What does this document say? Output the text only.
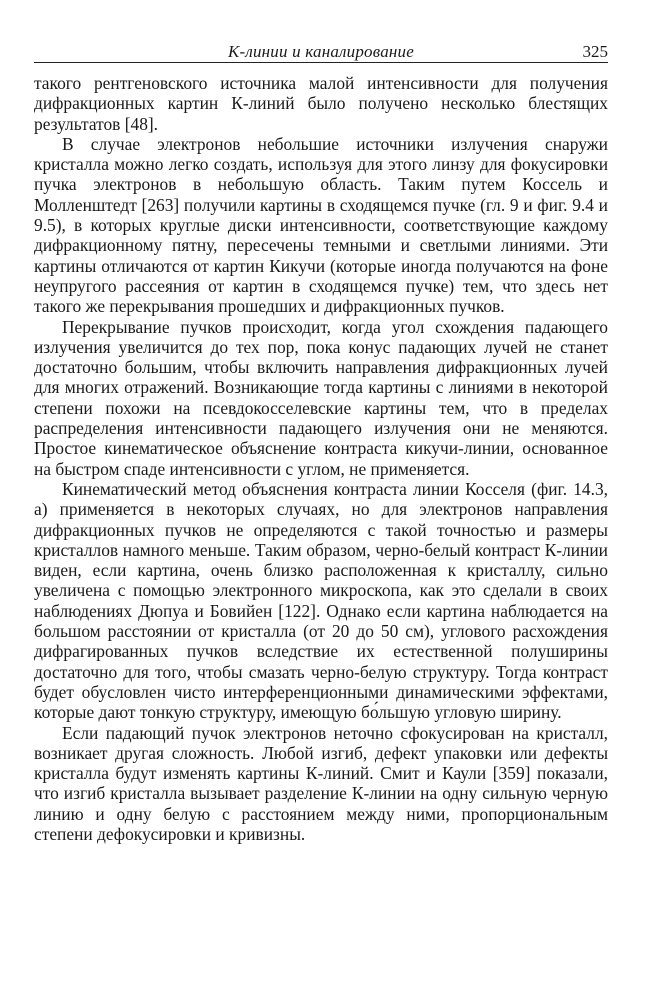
К-линии и каналирование	325

такого рентгеновского источника малой интенсивности для получения дифракционных картин К-линий было получено несколько блестящих результатов [48].

В случае электронов небольшие источники излучения снаружи кристалла можно легко создать, используя для этого линзу для фокусировки пучка электронов в небольшую область. Таким путем Коссель и Молленштедт [263] получили картины в сходящемся пучке (гл. 9 и фиг. 9.4 и 9.5), в которых круглые диски интенсивности, соответствующие каждому дифракционному пятну, пересечены темными и светлыми линиями. Эти картины отличаются от картин Кикучи (которые иногда получаются на фоне неупругого рассеяния от картин в сходящемся пучке) тем, что здесь нет такого же перекрывания прошедших и дифракционных пучков.

Перекрывание пучков происходит, когда угол схождения падающего излучения увеличится до тех пор, пока конус падающих лучей не станет достаточно большим, чтобы включить направления дифракционных лучей для многих отражений. Возникающие тогда картины с линиями в некоторой степени похожи на псевдокосселевские картины тем, что в пределах распределения интенсивности падающего излучения они не меняются. Простое кинематическое объяснение контраста кикучи-линии, основанное на быстром спаде интенсивности с углом, не применяется.

Кинематический метод объяснения контраста линии Косселя (фиг. 14.3, а) применяется в некоторых случаях, но для электронов направления дифракционных пучков не определяются с такой точностью и размеры кристаллов намного меньше. Таким образом, черно-белый контраст К-линии виден, если картина, очень близко расположенная к кристаллу, сильно увеличена с помощью электронного микроскопа, как это сделали в своих наблюдениях Дюпуа и Бовийен [122]. Однако если картина наблюдается на большом расстоянии от кристалла (от 20 до 50 см), углового расхождения дифрагированных пучков вследствие их естественной полуширины достаточно для того, чтобы смазать черно-белую структуру. Тогда контраст будет обусловлен чисто интерференционными динамическими эффектами, которые дают тонкую структуру, имеющую бо́льшую угловую ширину.

Если падающий пучок электронов неточно сфокусирован на кристалл, возникает другая сложность. Любой изгиб, дефект упаковки или дефекты кристалла будут изменять картины К-линий. Смит и Каули [359] показали, что изгиб кристалла вызывает разделение К-линии на одну сильную черную линию и одну белую с расстоянием между ними, пропорциональным степени дефокусировки и кривизны.
